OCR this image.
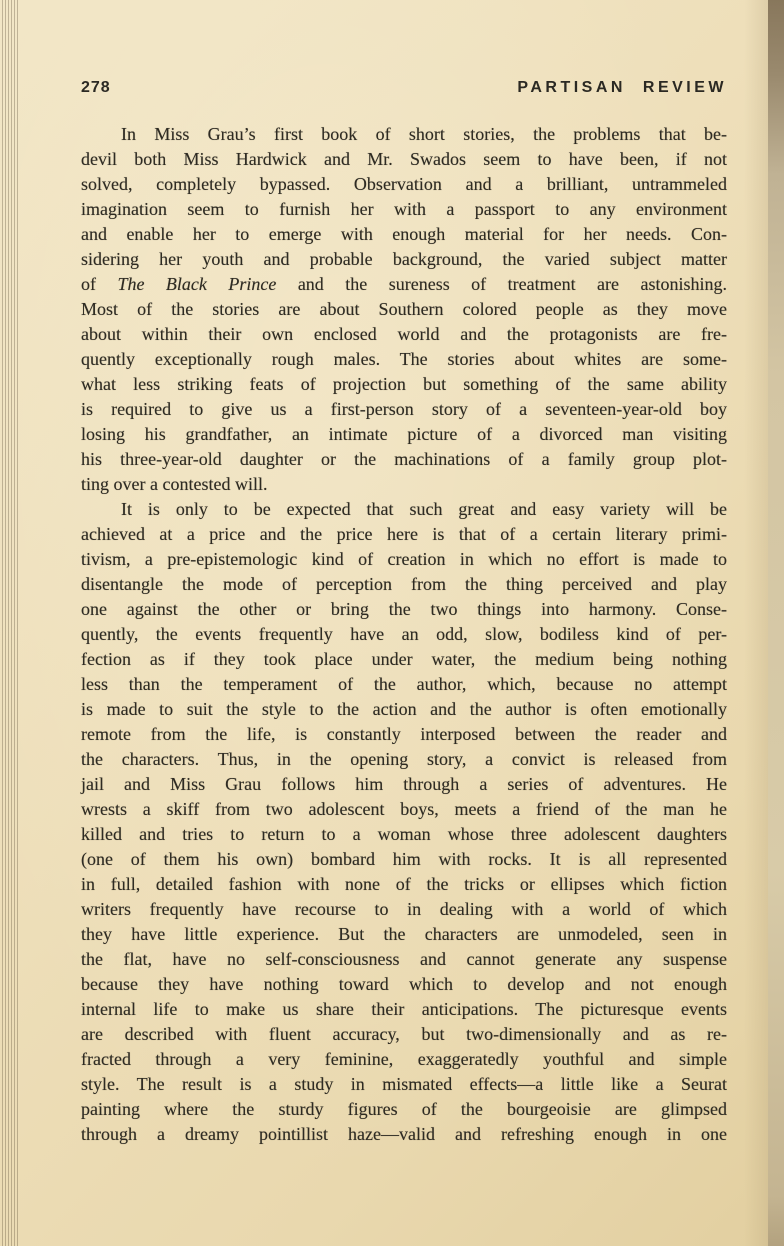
278	PARTISAN REVIEW
In Miss Grau’s first book of short stories, the problems that be-
devil both Miss Hardwick and Mr. Swados seem to have been, if not
solved, completely bypassed. Observation and a brilliant, untrammeled
imagination seem to furnish her with a passport to any environment
and enable her to emerge with enough material for her needs. Con-
sidering her youth and probable background, the varied subject matter
of The Black Prince and the sureness of treatment are astonishing.
Most of the stories are about Southern colored people as they move
about within their own enclosed world and the protagonists are fre-
quently exceptionally rough males. The stories about whites are some-
what less striking feats of projection but something of the same ability
is required to give us a first-person story of a seventeen-year-old boy
losing his grandfather, an intimate picture of a divorced man visiting
his three-year-old daughter or the machinations of a family group plot-
ting over a contested will.
It is only to be expected that such great and easy variety will be
achieved at a price and the price here is that of a certain literary primi-
tivism, a pre-epistemologic kind of creation in which no effort is made to
disentangle the mode of perception from the thing perceived and play
one against the other or bring the two things into harmony. Conse-
quently, the events frequently have an odd, slow, bodiless kind of per-
fection as if they took place under water, the medium being nothing
less than the temperament of the author, which, because no attempt
is made to suit the style to the action and the author is often emotionally
remote from the life, is constantly interposed between the reader and
the characters. Thus, in the opening story, a convict is released from
jail and Miss Grau follows him through a series of adventures. He
wrests a skiff from two adolescent boys, meets a friend of the man he
killed and tries to return to a woman whose three adolescent daughters
(one of them his own) bombard him with rocks. It is all represented
in full, detailed fashion with none of the tricks or ellipses which fiction
writers frequently have recourse to in dealing with a world of which
they have little experience. But the characters are unmodeled, seen in
the flat, have no self-consciousness and cannot generate any suspense
because they have nothing toward which to develop and not enough
internal life to make us share their anticipations. The picturesque events
are described with fluent accuracy, but two-dimensionally and as re-
fracted through a very feminine, exaggeratedly youthful and simple
style. The result is a study in mismated effects—a little like a Seurat
painting where the sturdy figures of the bourgeoisie are glimpsed
through a dreamy pointillist haze—valid and refreshing enough in one
